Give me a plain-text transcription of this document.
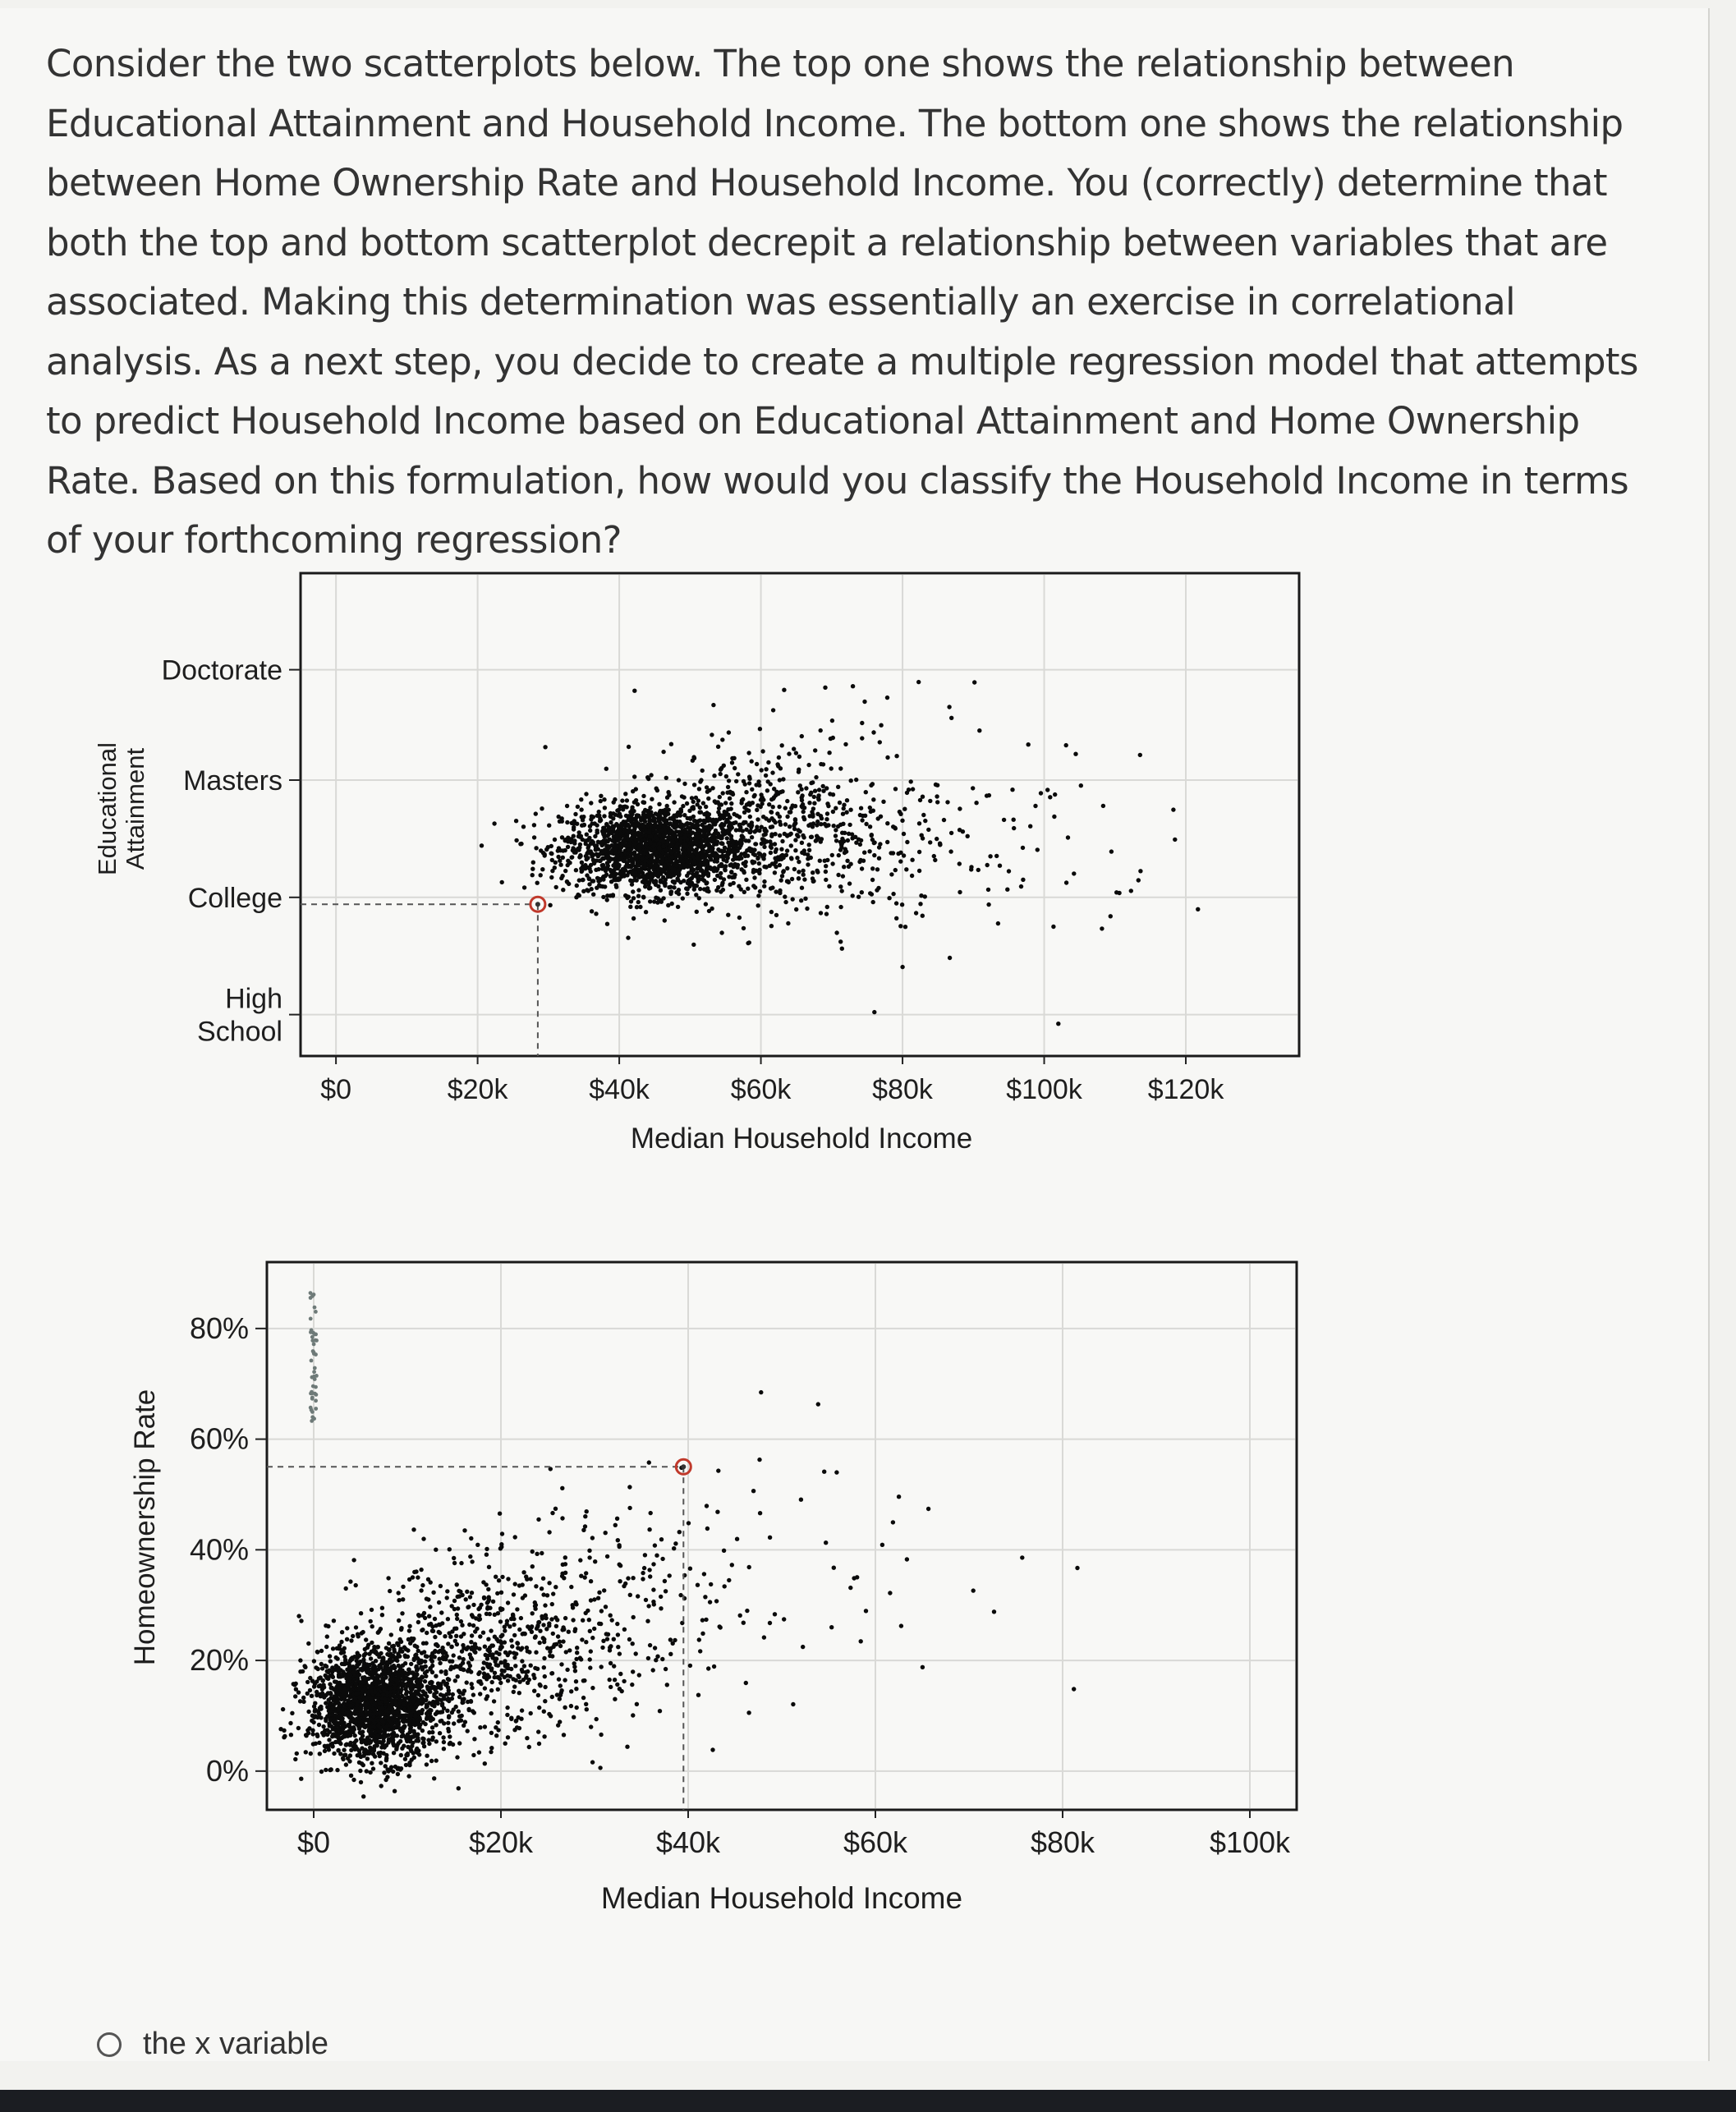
Consider the two scatterplots below. The top one shows the relationship between Educational Attainment and Household Income. The bottom one shows the relationship between Home Ownership Rate and Household Income. You (correctly) determine that both the top and bottom scatterplot decrepit a relationship between variables that are associated. Making this determination was essentially an exercise in correlational analysis. As a next step, you decide to create a multiple regression model that attempts to predict Household Income based on Educational Attainment and Home Ownership Rate. Based on this formulation, how would you classify the Household Income in terms of your forthcoming regression?
$0	$20k	$40k	$60k	$80k	$100k $120k
High School
College
Masters
Doctorate
Median Household Income
EducationalAttainment
$0	$20k	$40k	$60k	$80k	$100k
0%
20%
40%
60%
80%
Median Household Income
Homeownership Rate
the x variable
